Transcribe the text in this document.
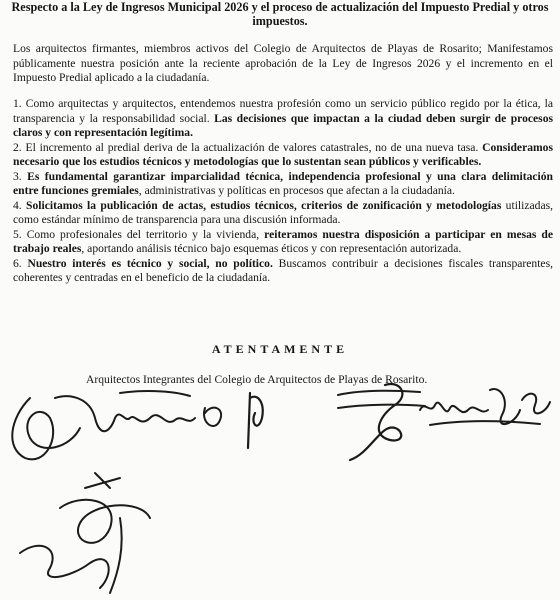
Respecto a la Ley de Ingresos Municipal 2026 y el proceso de actualización del Impuesto Predial y otros impuestos.
Los arquitectos firmantes, miembros activos del Colegio de Arquitectos de Playas de Rosarito; Manifestamos públicamente nuestra posición ante la reciente aprobación de la Ley de Ingresos 2026 y el incremento en el Impuesto Predial aplicado a la ciudadanía.

1. Como arquitectas y arquitectos, entendemos nuestra profesión como un servicio público regido por la ética, la transparencia y la responsabilidad social. Las decisiones que impactan a la ciudad deben surgir de procesos claros y con representación legítima.

2. El incremento al predial deriva de la actualización de valores catastrales, no de una nueva tasa. Consideramos necesario que los estudios técnicos y metodologías que lo sustentan sean públicos y verificables.

3. Es fundamental garantizar imparcialidad técnica, independencia profesional y una clara delimitación entre funciones gremiales, administrativas y políticas en procesos que afectan a la ciudadanía.

4. Solicitamos la publicación de actas, estudios técnicos, criterios de zonificación y metodologías utilizadas, como estándar mínimo de transparencia para una discusión informada.

5. Como profesionales del territorio y la vivienda, reiteramos nuestra disposición a participar en mesas de trabajo reales, aportando análisis técnico bajo esquemas éticos y con representación autorizada.

6. Nuestro interés es técnico y social, no político. Buscamos contribuir a decisiones fiscales transparentes, coherentes y centradas en el beneficio de la ciudadanía.

ATENTAMENTE
Arquitectos Integrantes del Colegio de Arquitectos de Playas de Rosarito.
